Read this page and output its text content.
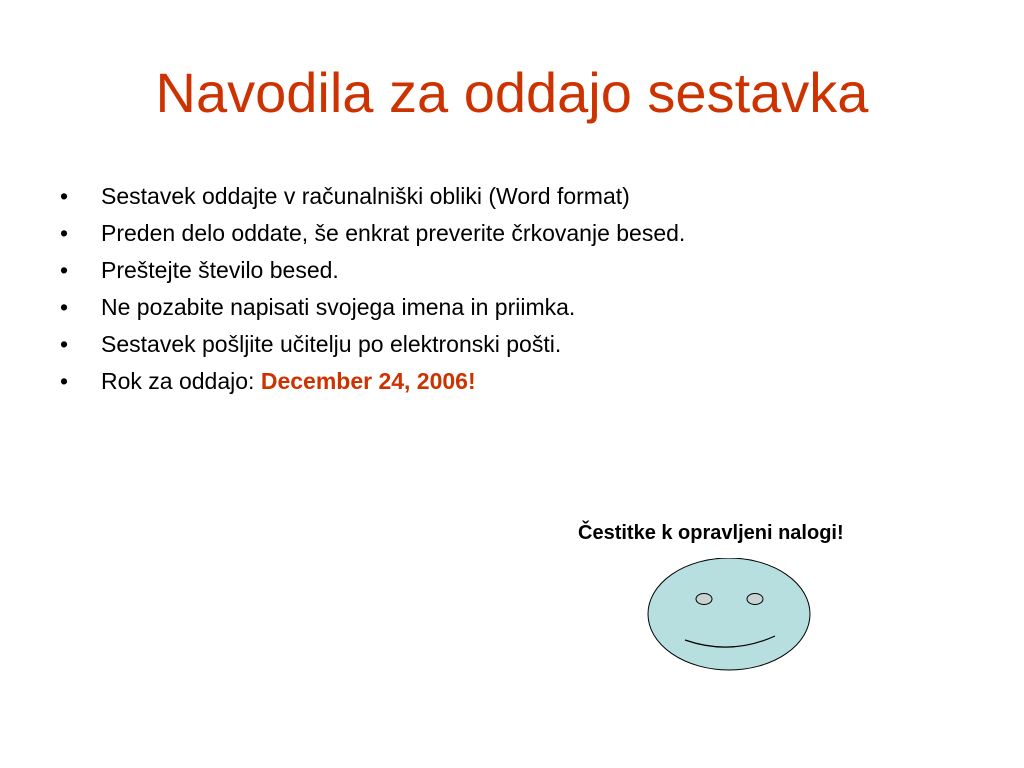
Navodila za oddajo sestavka
• Sestavek oddajte v računalniški obliki (Word format)
• Preden delo oddate, še enkrat preverite črkovanje besed.
• Preštejte število besed.
• Ne pozabite napisati svojega imena in priimka.
• Sestavek pošljite učitelju po elektronski pošti.
• Rok za oddajo: December 24, 2006!
Čestitke k opravljeni nalogi!
